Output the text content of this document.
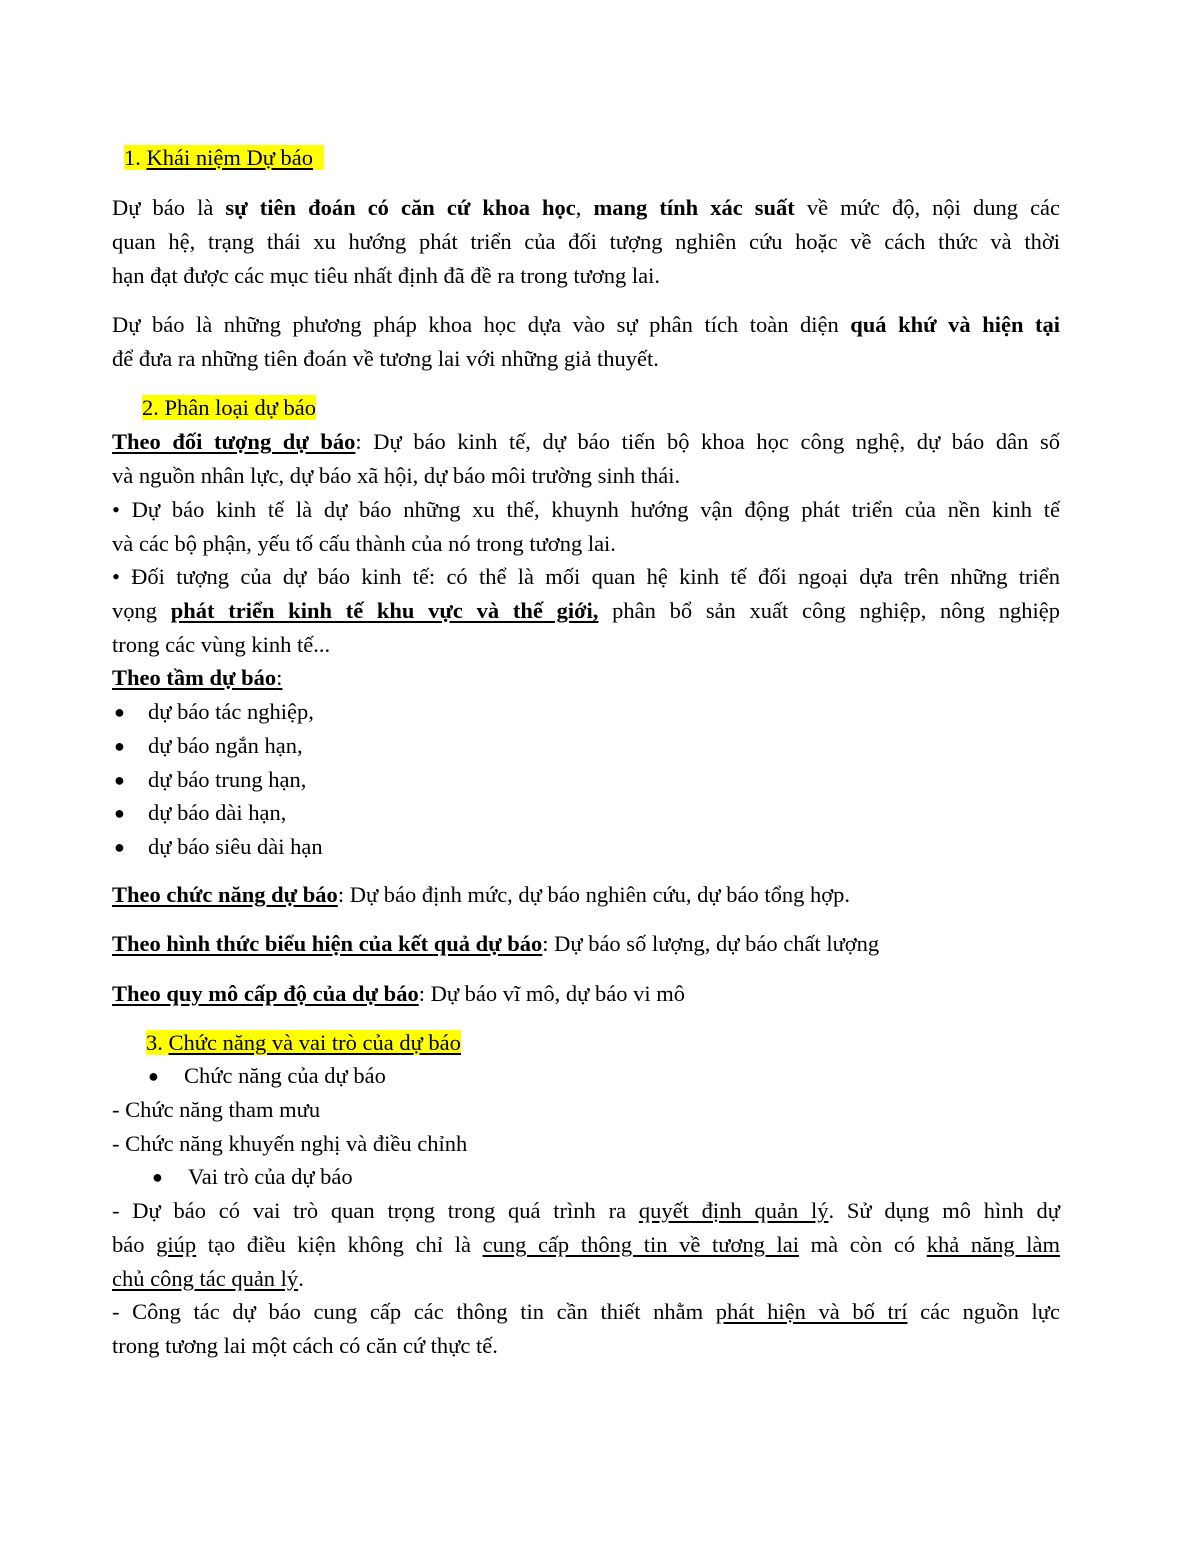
1. Khái niệm Dự báo
Dự báo là sự tiên đoán có căn cứ khoa học, mang tính xác suất về mức độ, nội dung các
quan hệ, trạng thái xu hướng phát triển của đối tượng nghiên cứu hoặc về cách thức và thời
hạn đạt được các mục tiêu nhất định đã đề ra trong tương lai.
Dự báo là những phương pháp khoa học dựa vào sự phân tích toàn diện quá khứ và hiện tại
để đưa ra những tiên đoán về tương lai với những giả thuyết.
2. Phân loại dự báo
Theo đối tượng dự báo: Dự báo kinh tế, dự báo tiến bộ khoa học công nghệ, dự báo dân số
và nguồn nhân lực, dự báo xã hội, dự báo môi trường sinh thái.
• Dự báo kinh tế là dự báo những xu thế, khuynh hướng vận động phát triển của nền kinh tế
và các bộ phận, yếu tố cấu thành của nó trong tương lai.
• Đối tượng của dự báo kinh tế: có thể là mối quan hệ kinh tế đối ngoại dựa trên những triển
vọng phát triển kinh tế khu vực và thế giới, phân bổ sản xuất công nghiệp, nông nghiệp
trong các vùng kinh tế...
Theo tầm dự báo:
● dự báo tác nghiệp,
● dự báo ngắn hạn,
● dự báo trung hạn,
● dự báo dài hạn,
● dự báo siêu dài hạn
Theo chức năng dự báo: Dự báo định mức, dự báo nghiên cứu, dự báo tổng hợp.
Theo hình thức biểu hiện của kết quả dự báo: Dự báo số lượng, dự báo chất lượng
Theo quy mô cấp độ của dự báo: Dự báo vĩ mô, dự báo vi mô
3. Chức năng và vai trò của dự báo
● Chức năng của dự báo
- Chức năng tham mưu
- Chức năng khuyến nghị và điều chỉnh
● Vai trò của dự báo
- Dự báo có vai trò quan trọng trong quá trình ra quyết định quản lý. Sử dụng mô hình dự
báo giúp tạo điều kiện không chỉ là cung cấp thông tin về tương lai mà còn có khả năng làm
chủ công tác quản lý.
- Công tác dự báo cung cấp các thông tin cần thiết nhằm phát hiện và bố trí các nguồn lực
trong tương lai một cách có căn cứ thực tế.
